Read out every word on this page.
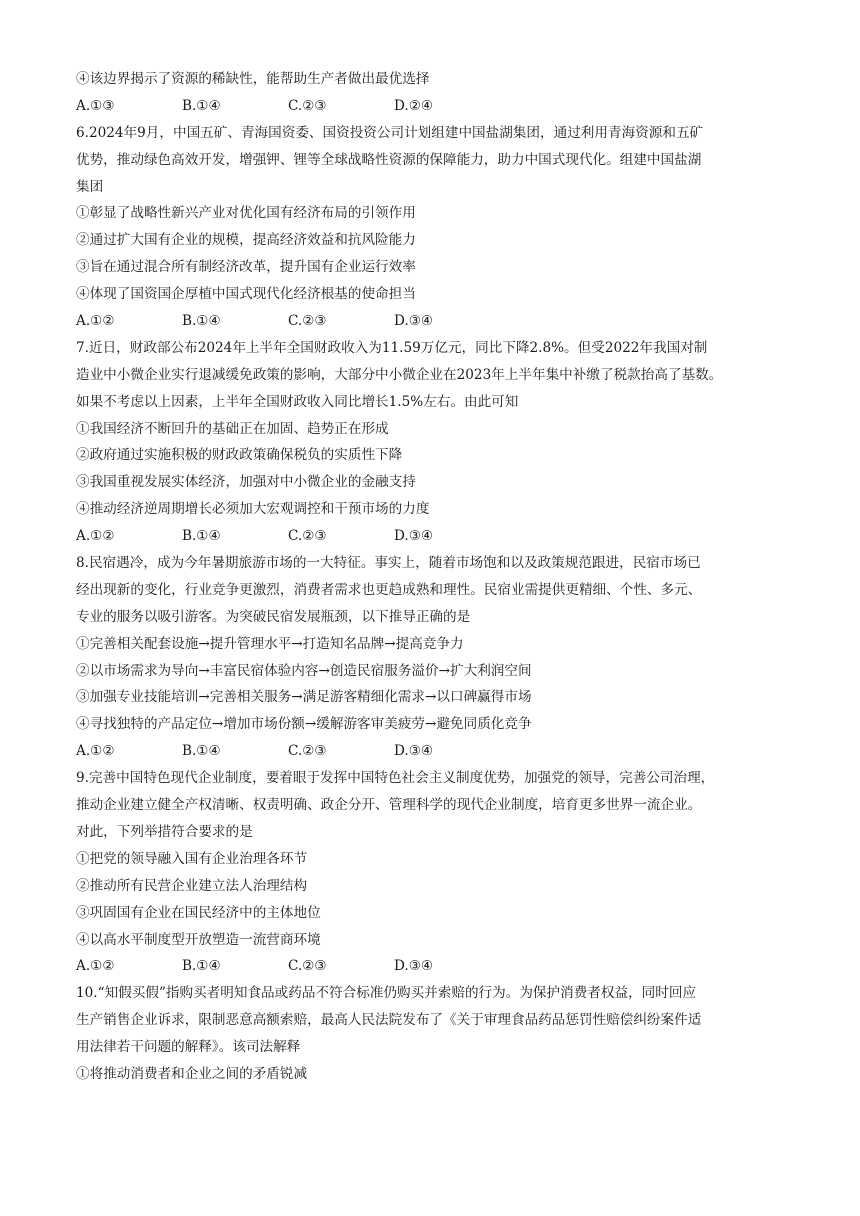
④该边界揭示了资源的稀缺性，能帮助生产者做出最优选择
A.①③	B.①④	C.②③	D.②④
6.2024年9月，中国五矿、青海国资委、国资投资公司计划组建中国盐湖集团，通过利用青海资源和五矿
优势，推动绿色高效开发，增强钾、锂等全球战略性资源的保障能力，助力中国式现代化。组建中国盐湖
集团
①彰显了战略性新兴产业对优化国有经济布局的引领作用
②通过扩大国有企业的规模，提高经济效益和抗风险能力
③旨在通过混合所有制经济改革，提升国有企业运行效率
④体现了国资国企厚植中国式现代化经济根基的使命担当
A.①②	B.①④	C.②③	D.③④
7.近日，财政部公布2024年上半年全国财政收入为11.59万亿元，同比下降2.8%。但受2022年我国对制
造业中小微企业实行退减缓免政策的影响，大部分中小微企业在2023年上半年集中补缴了税款抬高了基数。
如果不考虑以上因素，上半年全国财政收入同比增长1.5%左右。由此可知
①我国经济不断回升的基础正在加固、趋势正在形成
②政府通过实施积极的财政政策确保税负的实质性下降
③我国重视发展实体经济，加强对中小微企业的金融支持
④推动经济逆周期增长必须加大宏观调控和干预市场的力度
A.①②	B.①④	C.②③	D.③④
8.民宿遇冷，成为今年暑期旅游市场的一大特征。事实上，随着市场饱和以及政策规范跟进，民宿市场已
经出现新的变化，行业竞争更激烈，消费者需求也更趋成熟和理性。民宿业需提供更精细、个性、多元、
专业的服务以吸引游客。为突破民宿发展瓶颈，以下推导正确的是
①完善相关配套设施→提升管理水平→打造知名品牌→提高竞争力
②以市场需求为导向→丰富民宿体验内容→创造民宿服务溢价→扩大利润空间
③加强专业技能培训→完善相关服务→满足游客精细化需求→以口碑赢得市场
④寻找独特的产品定位→增加市场份额→缓解游客审美疲劳→避免同质化竞争
A.①②	B.①④	C.②③	D.③④
9.完善中国特色现代企业制度，要着眼于发挥中国特色社会主义制度优势，加强党的领导，完善公司治理，
推动企业建立健全产权清晰、权责明确、政企分开、管理科学的现代企业制度，培育更多世界一流企业。
对此，下列举措符合要求的是
①把党的领导融入国有企业治理各环节
②推动所有民营企业建立法人治理结构
③巩固国有企业在国民经济中的主体地位
④以高水平制度型开放塑造一流营商环境
A.①②	B.①④	C.②③	D.③④
10.“知假买假”指购买者明知食品或药品不符合标准仍购买并索赔的行为。为保护消费者权益，同时回应
生产销售企业诉求，限制恶意高额索赔，最高人民法院发布了《关于审理食品药品惩罚性赔偿纠纷案件适
用法律若干问题的解释》。该司法解释
①将推动消费者和企业之间的矛盾锐减
